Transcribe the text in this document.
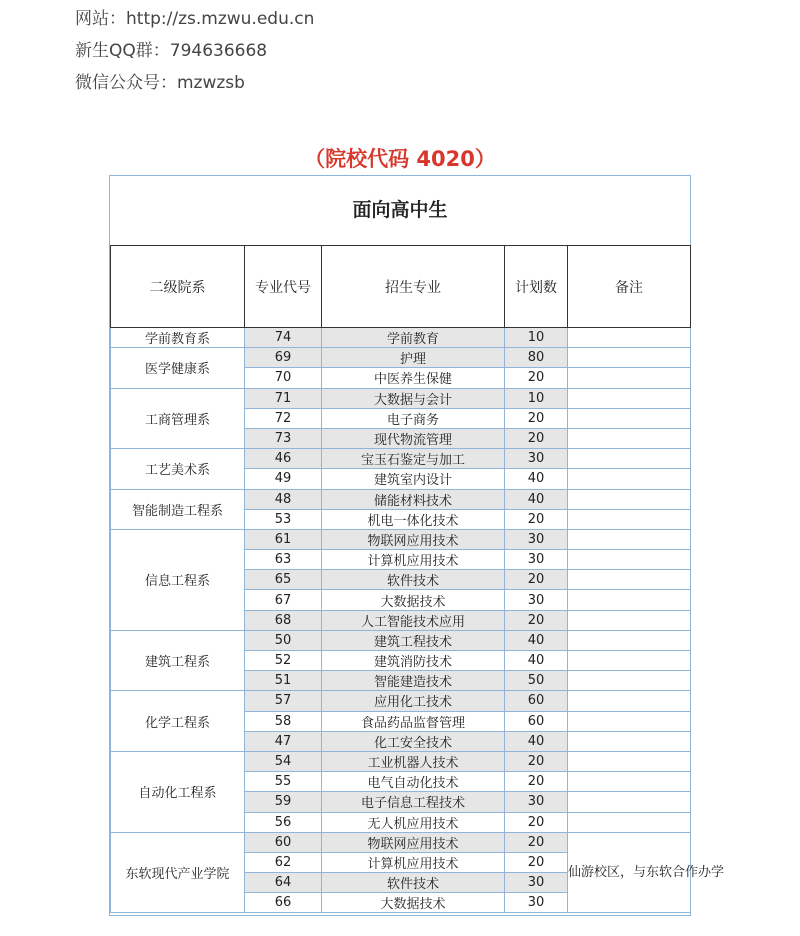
网站：http://zs.mzwu.edu.cn
新生QQ群：794636668
微信公众号：mzwzsb
（院校代码 4020）
面向高中生
二级院系	专业代号	招生专业	计划数	备注
学前教育系	74	学前教育	10	
医学健康系	69	护理	80	
	70	中医养生保健	20	
工商管理系	71	大数据与会计	10	
	72	电子商务	20	
	73	现代物流管理	20	
工艺美术系	46	宝玉石鉴定与加工	30	
	49	建筑室内设计	40	
智能制造工程系	48	储能材料技术	40	
	53	机电一体化技术	20	
信息工程系	61	物联网应用技术	30	
	63	计算机应用技术	30	
	65	软件技术	20	
	67	大数据技术	30	
	68	人工智能技术应用	20	
建筑工程系	50	建筑工程技术	40	
	52	建筑消防技术	40	
	51	智能建造技术	50	
化学工程系	57	应用化工技术	60	
	58	食品药品监督管理	60	
	47	化工安全技术	40	
自动化工程系	54	工业机器人技术	20	
	55	电气自动化技术	20	
	59	电子信息工程技术	30	
	56	无人机应用技术	20	
东软现代产业学院	60	物联网应用技术	20	仙游校区，与东软合作办学
	62	计算机应用技术	20	
	64	软件技术	30	
	66	大数据技术	30	
